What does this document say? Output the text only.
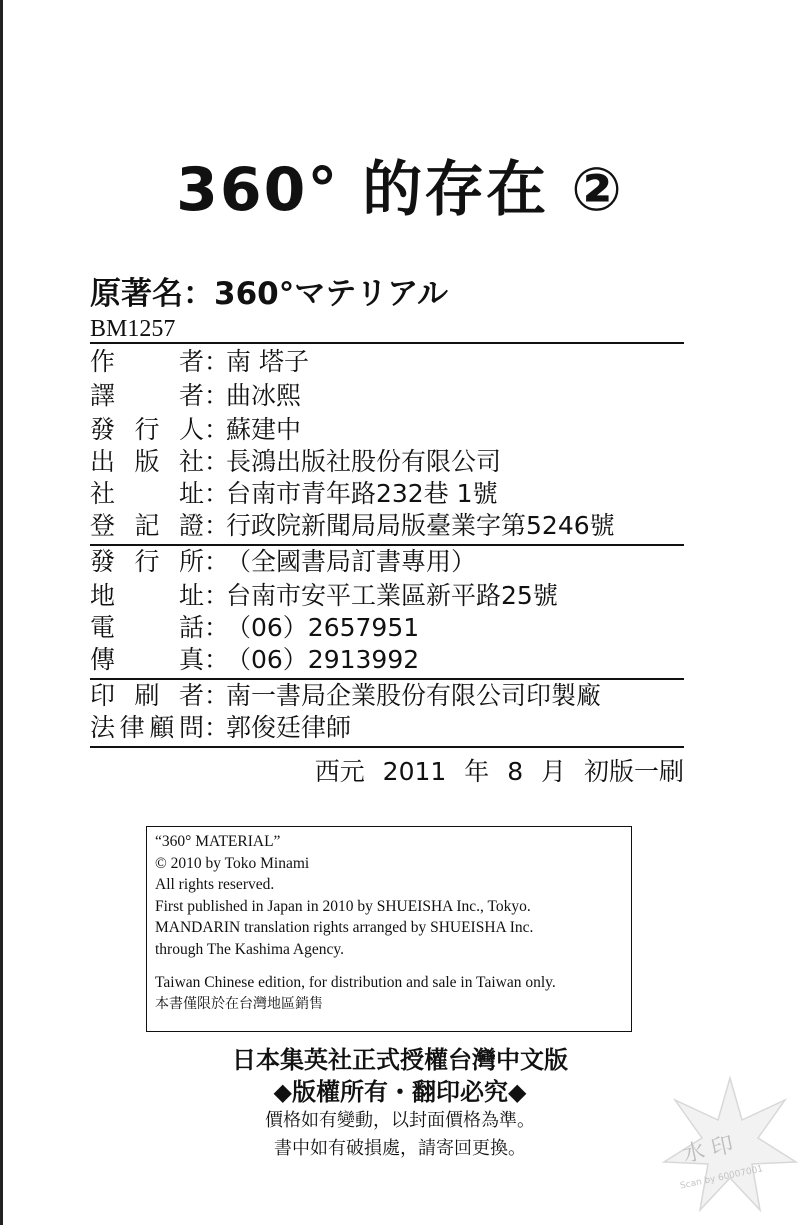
360° 的存在 ②
原著名：360°マテリアル
BM1257
作者：南 塔子
譯者：曲冰熙
發行人：蘇建中
出版社：長鴻出版社股份有限公司
社址：台南市青年路232巷 1號
登記證：行政院新聞局局版臺業字第5246號
發行所：（全國書局訂書專用）
地址：台南市安平工業區新平路25號
電話：（06）2657951
傳真：（06）2913992
印刷者：南一書局企業股份有限公司印製廠
法律顧問：郭俊廷律師
西元 2011 年 8 月 初版一刷
“360° MATERIAL”
© 2010 by Toko Minami
All rights reserved.
First published in Japan in 2010 by SHUEISHA Inc., Tokyo.
MANDARIN translation rights arranged by SHUEISHA Inc.
through The Kashima Agency.
Taiwan Chinese edition, for distribution and sale in Taiwan only.
本書僅限於在台灣地區銷售
日本集英社正式授權台灣中文版
◆版權所有・翻印必究◆
價格如有變動，以封面價格為準。
書中如有破損處，請寄回更換。	水 印
Scan by 60007001
